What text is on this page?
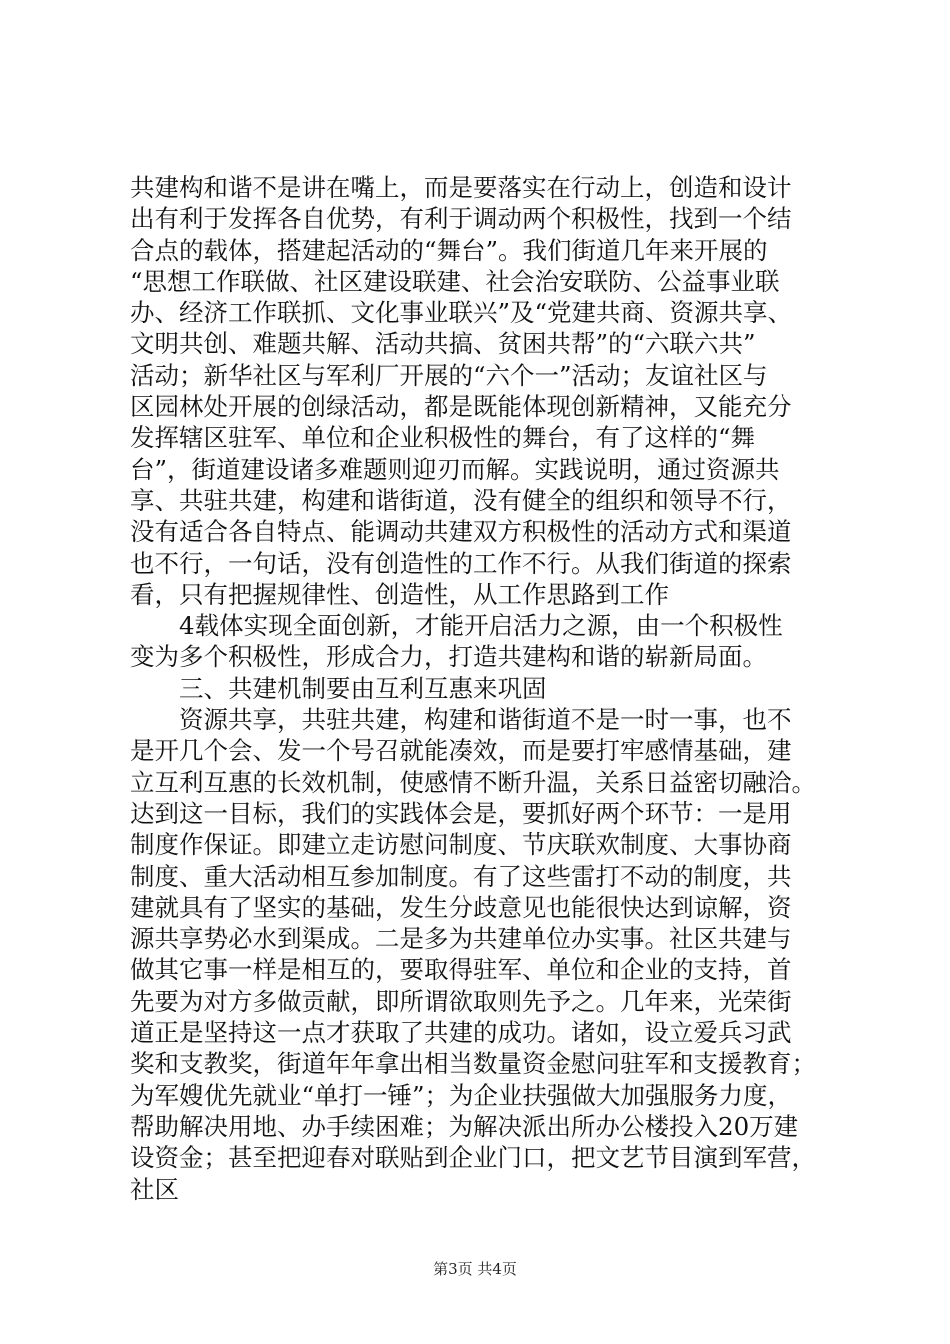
共建构和谐不是讲在嘴上，而是要落实在行动上，创造和设计
出有利于发挥各自优势，有利于调动两个积极性，找到一个结
合点的载体，搭建起活动的“舞台”。我们街道几年来开展的
“思想工作联做、社区建设联建、社会治安联防、公益事业联
办、经济工作联抓、文化事业联兴”及“党建共商、资源共享、
文明共创、难题共解、活动共搞、贫困共帮”的“六联六共”
活动；新华社区与军利厂开展的“六个一”活动；友谊社区与
区园林处开展的创绿活动，都是既能体现创新精神，又能充分
发挥辖区驻军、单位和企业积极性的舞台，有了这样的“舞
台”，街道建设诸多难题则迎刃而解。实践说明，通过资源共
享、共驻共建，构建和谐街道，没有健全的组织和领导不行，
没有适合各自特点、能调动共建双方积极性的活动方式和渠道
也不行，一句话，没有创造性的工作不行。从我们街道的探索
看，只有把握规律性、创造性，从工作思路到工作
　　4载体实现全面创新，才能开启活力之源，由一个积极性
变为多个积极性，形成合力，打造共建构和谐的崭新局面。
　　三、共建机制要由互利互惠来巩固
　　资源共享，共驻共建，构建和谐街道不是一时一事，也不
是开几个会、发一个号召就能凑效，而是要打牢感情基础，建
立互利互惠的长效机制，使感情不断升温，关系日益密切融洽。
达到这一目标，我们的实践体会是，要抓好两个环节：一是用
制度作保证。即建立走访慰问制度、节庆联欢制度、大事协商
制度、重大活动相互参加制度。有了这些雷打不动的制度，共
建就具有了坚实的基础，发生分歧意见也能很快达到谅解，资
源共享势必水到渠成。二是多为共建单位办实事。社区共建与
做其它事一样是相互的，要取得驻军、单位和企业的支持，首
先要为对方多做贡献，即所谓欲取则先予之。几年来，光荣街
道正是坚持这一点才获取了共建的成功。诸如，设立爱兵习武
奖和支教奖，街道年年拿出相当数量资金慰问驻军和支援教育；
为军嫂优先就业“单打一锤”；为企业扶强做大加强服务力度，
帮助解决用地、办手续困难；为解决派出所办公楼投入20万建
设资金；甚至把迎春对联贴到企业门口，把文艺节目演到军营，
社区
第3页 共4页
